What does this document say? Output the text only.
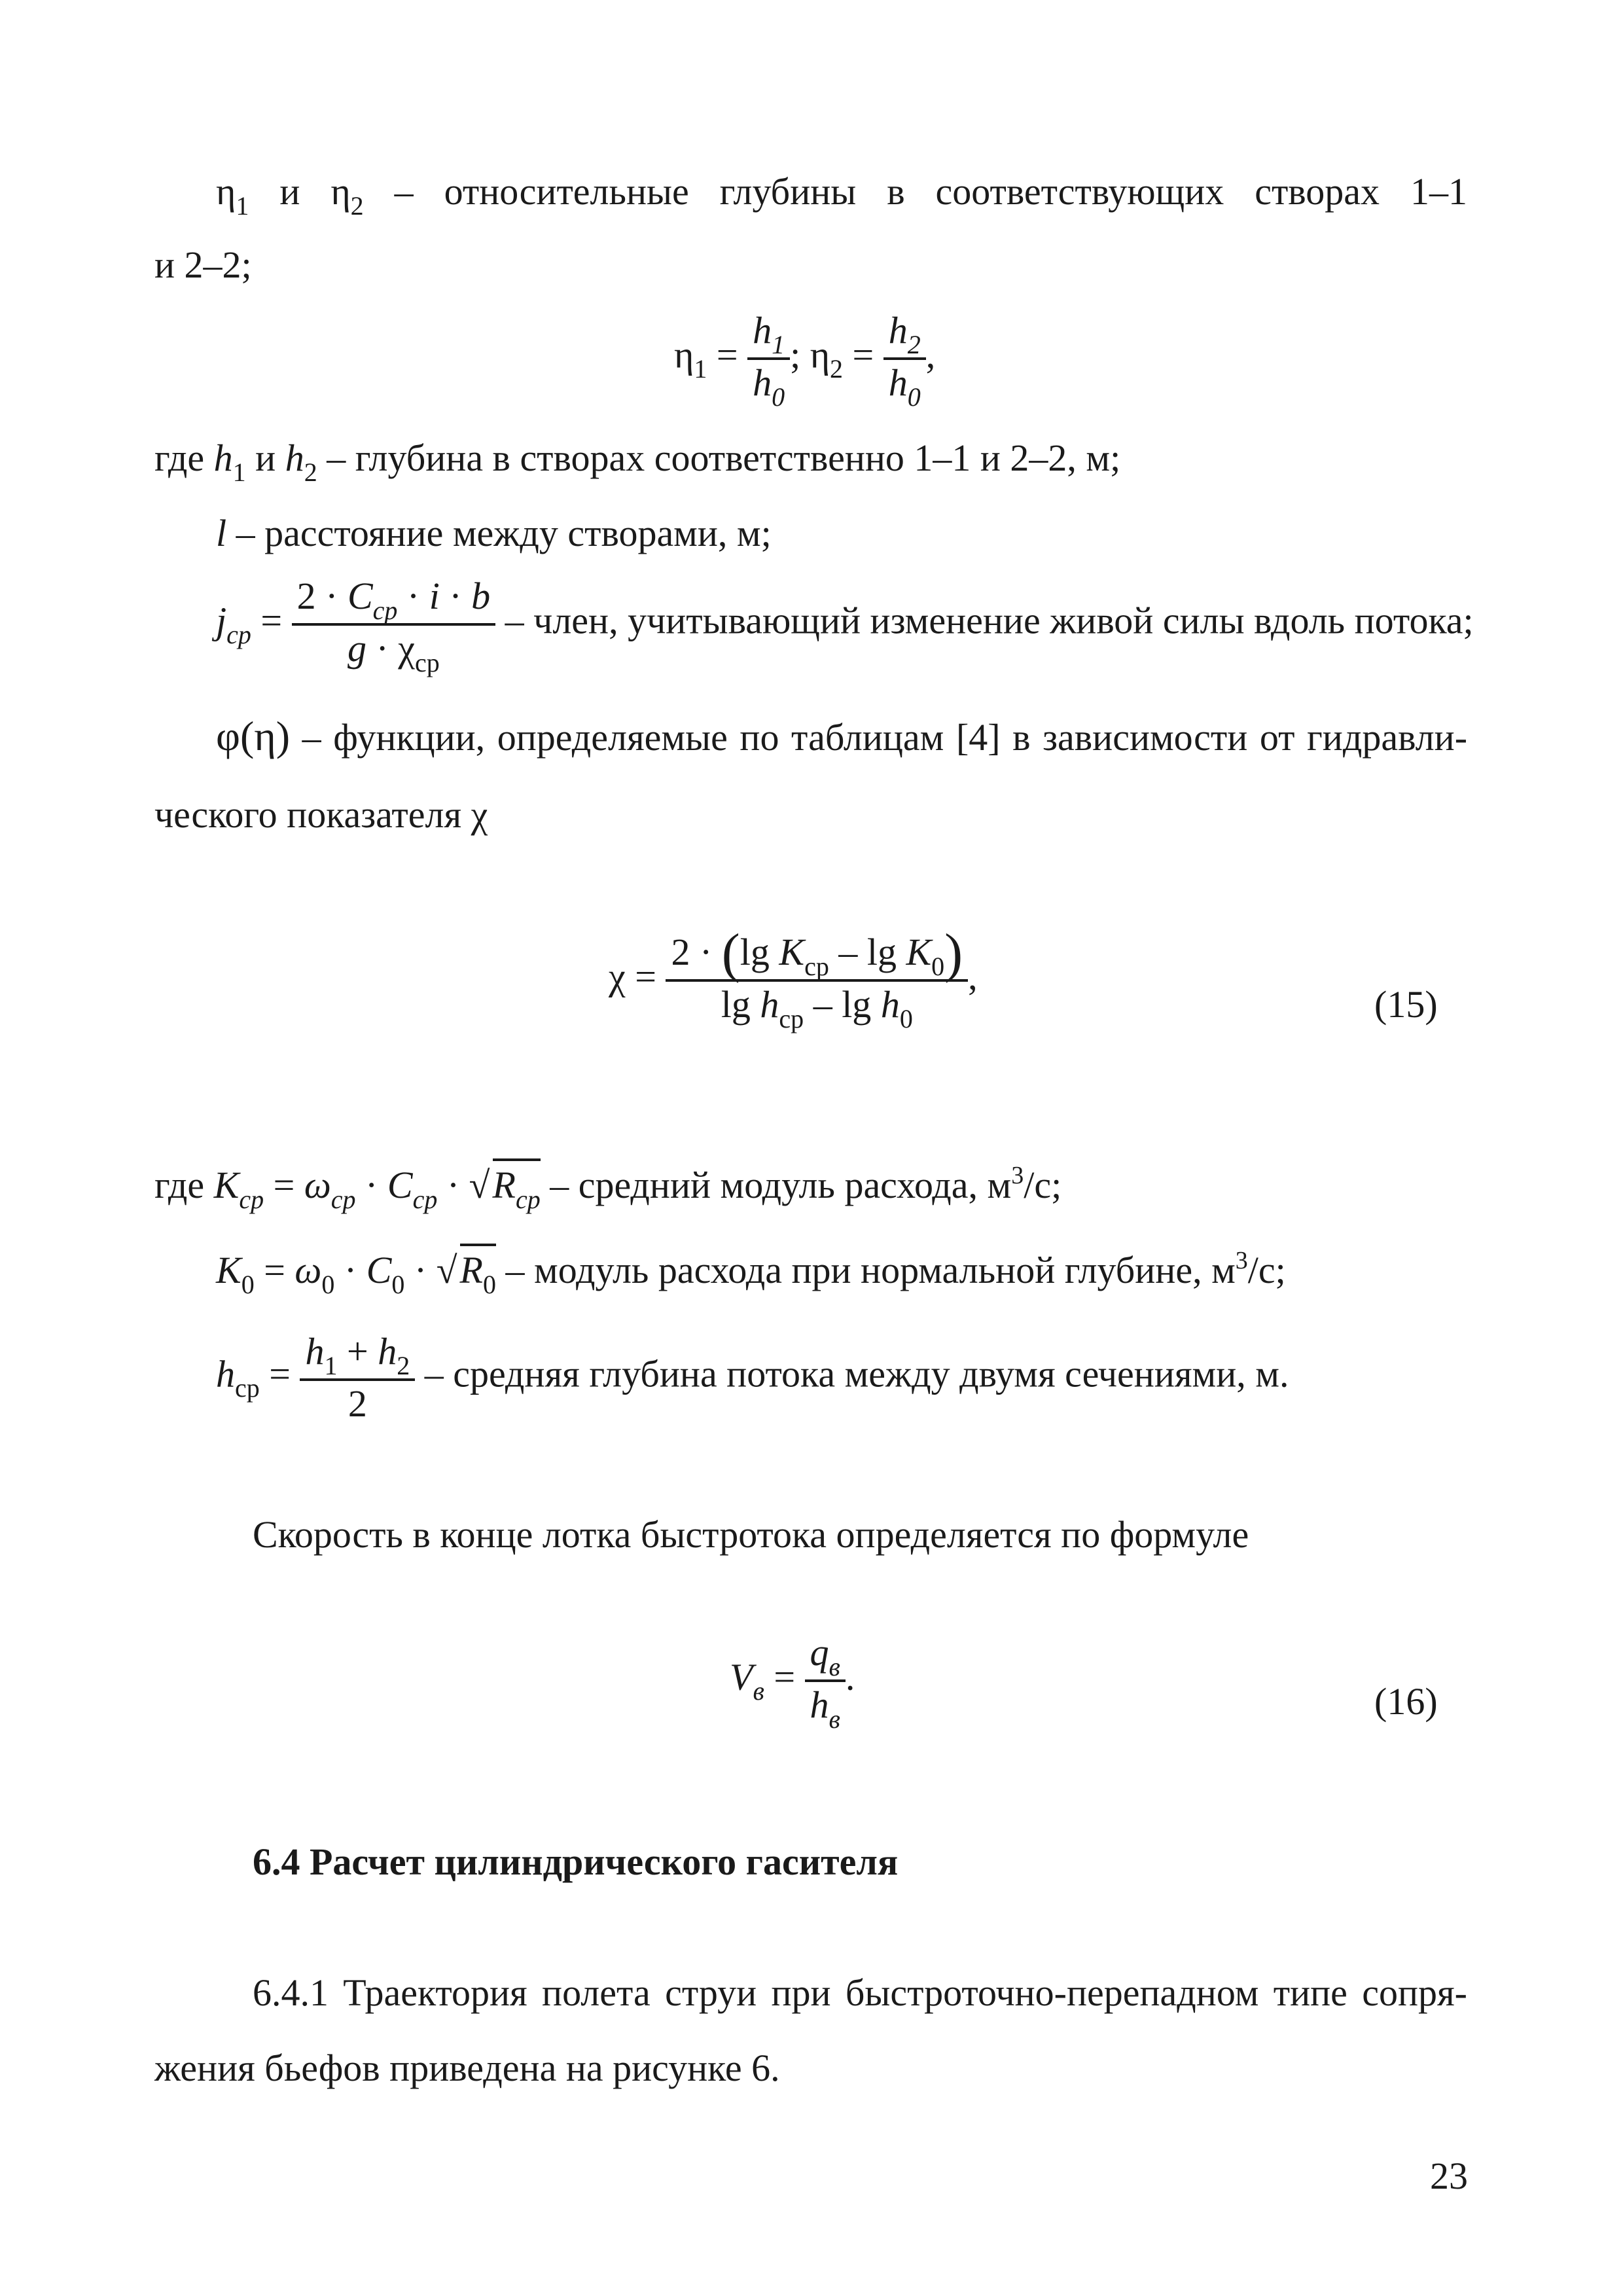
$\eta_1$ и $\eta_2$ – относительные глубины в соответствующих створах 1–1
и 2–2;
$\eta_1 = \frac{h_1}{h_0}$ ; $\eta_2 = \frac{h_2}{h_0}$ ,
где $h_1$ и $h_2$ – глубина в створах соответственно 1–1 и 2–2, м;
l – расстояние между створами, м;
$j_{ср} = \frac{2 \cdot C_{ср} \cdot i \cdot b}{g \cdot \chi_{ср}}$ – член, учитывающий изменение живой силы вдоль потока;
φ(η) – функции, определяемые по таблицам [4] в зависимости от гидравли-
ческого показателя χ
$\chi = \frac{2 \cdot (\lg K_{ср} - \lg K_0)}{\lg h_{ср} - \lg h_0}$ ,
(15)
где $K_{ср} = \omega_{ср} \cdot C_{ср} \cdot √R_{ср}$ – средний модуль расхода, $м^3/с$;
$K_0 = \omega_0 \cdot C_0 \cdot √R_0$ – модуль расхода при нормальной глубине, $м^3/с$;
$h_{ср} = \frac{h_1 + h_2}{2}$ – средняя глубина потока между двумя сечениями, м.
Скорость в конце лотка быстротока определяется по формуле
$V_в = \frac{q_в}{h_в}$ .
(16)
6.4 Расчет цилиндрического гасителя
6.4.1 Траектория полета струи при быстроточно-перепадном типе сопря-
жения бьефов приведена на рисунке 6.
23
